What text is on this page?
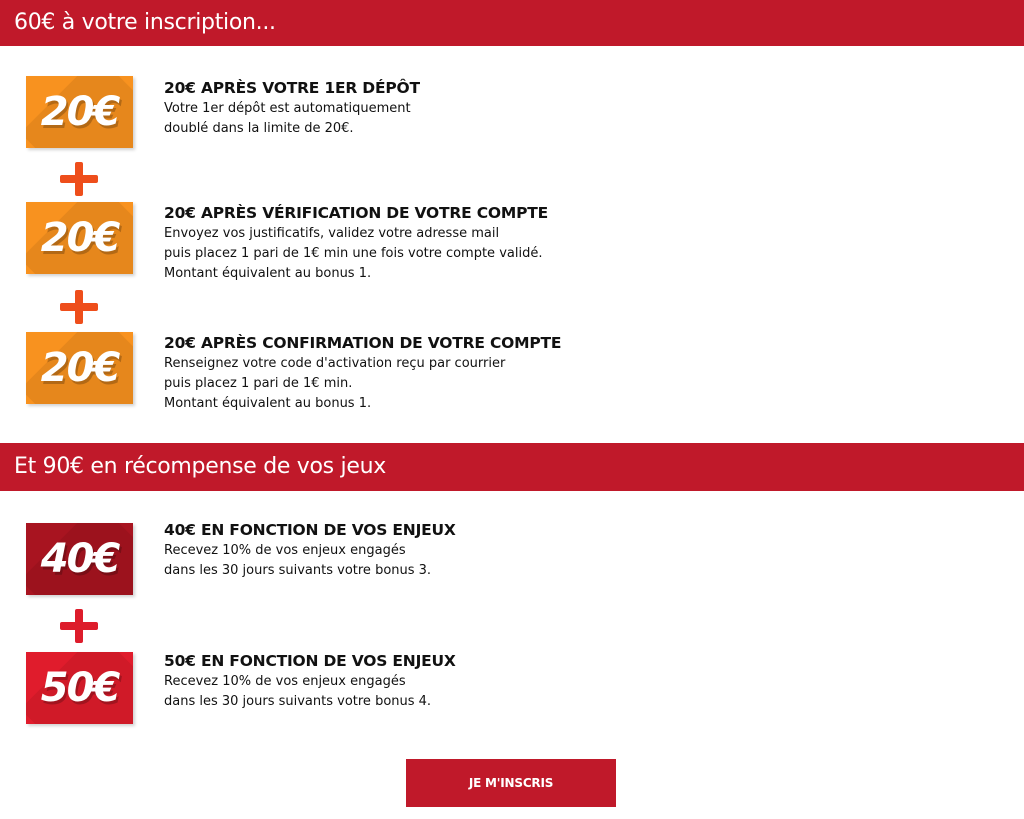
60€ à votre inscription...
20€

20€ APRÈS VOTRE 1ER DÉPÔT

Votre 1er dépôt est automatiquement

doublé dans la limite de 20€.

20€

20€ APRÈS VÉRIFICATION DE VOTRE COMPTE

Envoyez vos justificatifs, validez votre adresse mail

puis placez 1 pari de 1€ min une fois votre compte validé.

Montant équivalent au bonus 1.

20€

20€ APRÈS CONFIRMATION DE VOTRE COMPTE

Renseignez votre code d'activation reçu par courrier

puis placez 1 pari de 1€ min.

Montant équivalent au bonus 1.

Et 90€ en récompense de vos jeux
40€

40€ EN FONCTION DE VOS ENJEUX

Recevez 10% de vos enjeux engagés

dans les 30 jours suivants votre bonus 3.

50€

50€ EN FONCTION DE VOS ENJEUX

Recevez 10% de vos enjeux engagés

dans les 30 jours suivants votre bonus 4.

JE M'INSCRIS
